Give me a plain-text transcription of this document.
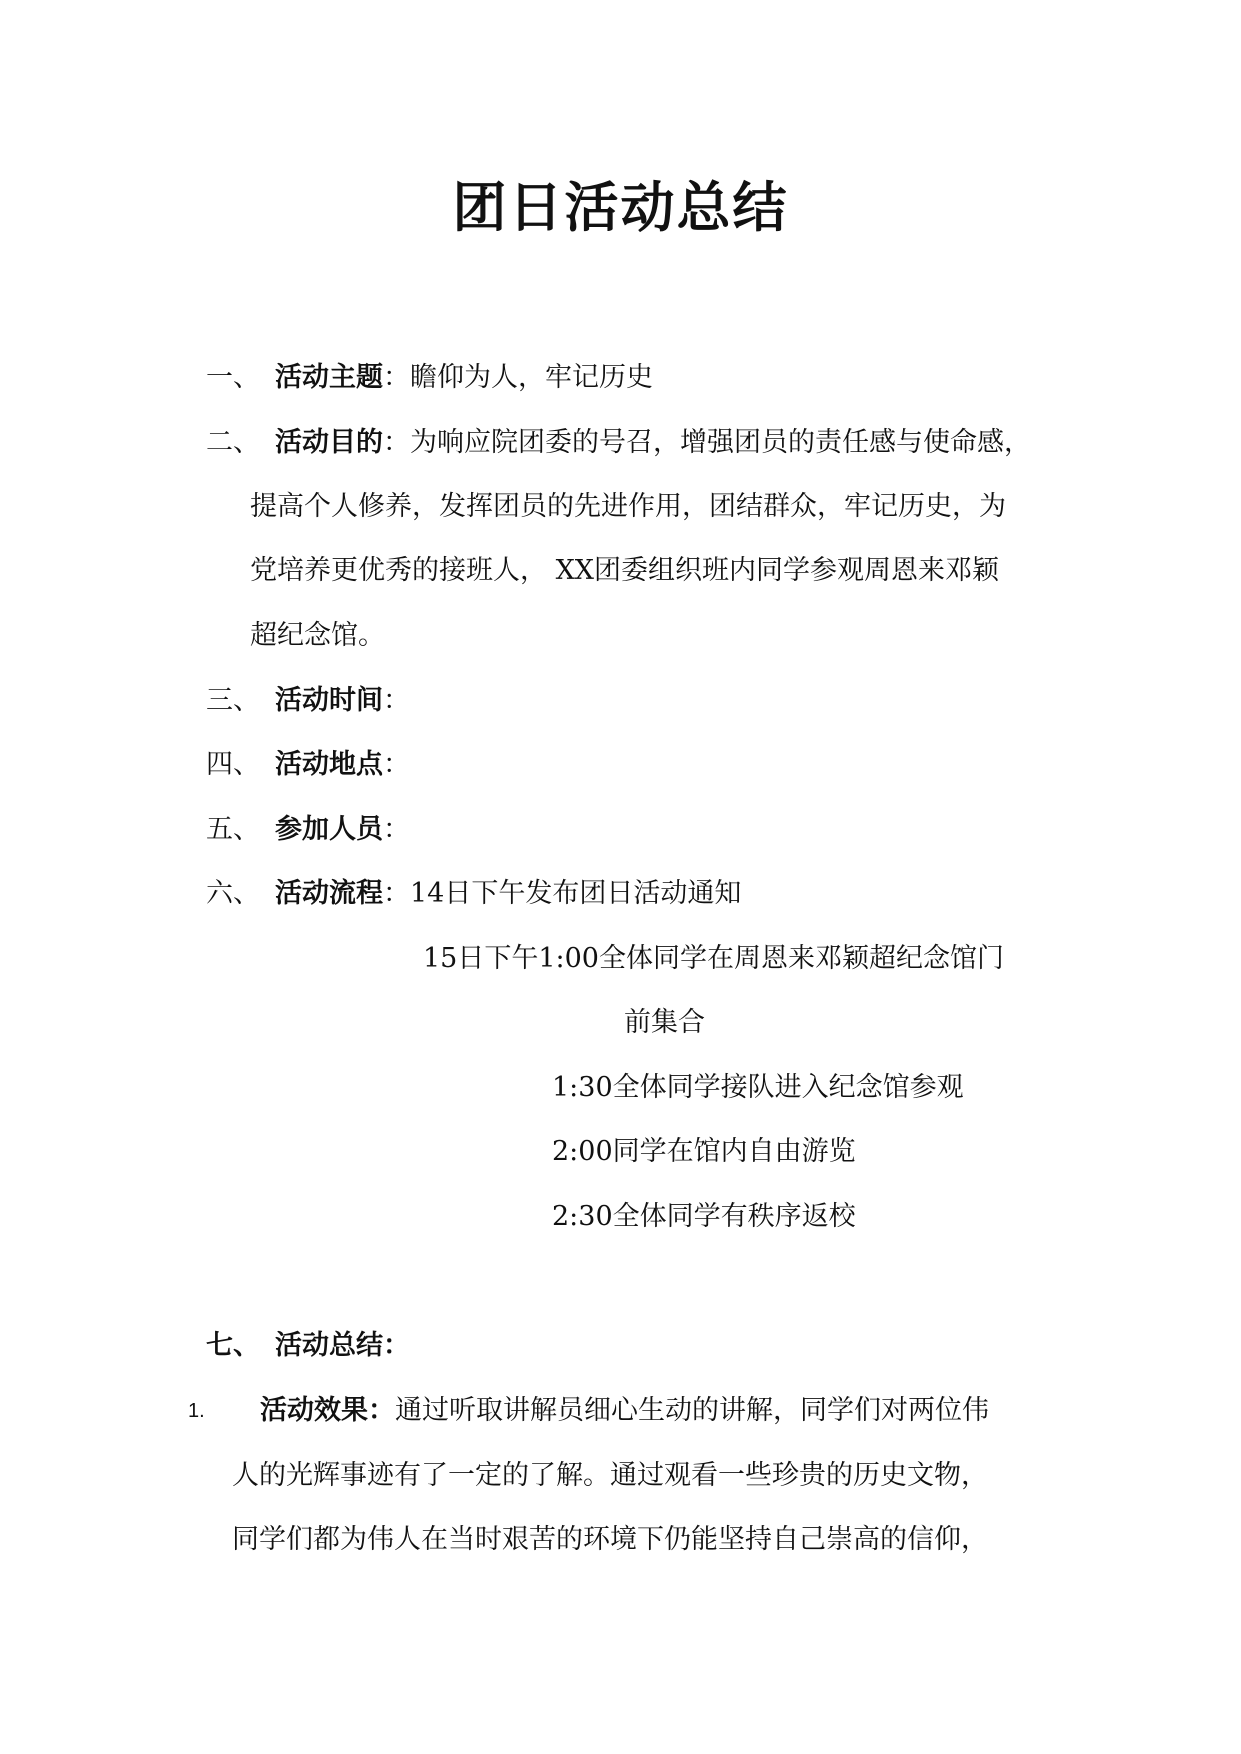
团日活动总结
一、 活动主题：瞻仰为人，牢记历史
二、 活动目的：为响应院团委的号召，增强团员的责任感与使命感，
提高个人修养，发挥团员的先进作用，团结群众，牢记历史，为
党培养更优秀的接班人， XX团委组织班内同学参观周恩来邓颖
超纪念馆。
三、 活动时间：
四、 活动地点：
五、 参加人员：
六、 活动流程：14日下午发布团日活动通知
15日下午1:00全体同学在周恩来邓颖超纪念馆门
前集合
1:30全体同学接队进入纪念馆参观
2:00同学在馆内自由游览
2:30全体同学有秩序返校
七、 活动总结：
1. 活动效果：通过听取讲解员细心生动的讲解，同学们对两位伟
人的光辉事迹有了一定的了解。通过观看一些珍贵的历史文物，
同学们都为伟人在当时艰苦的环境下仍能坚持自己崇高的信仰，
